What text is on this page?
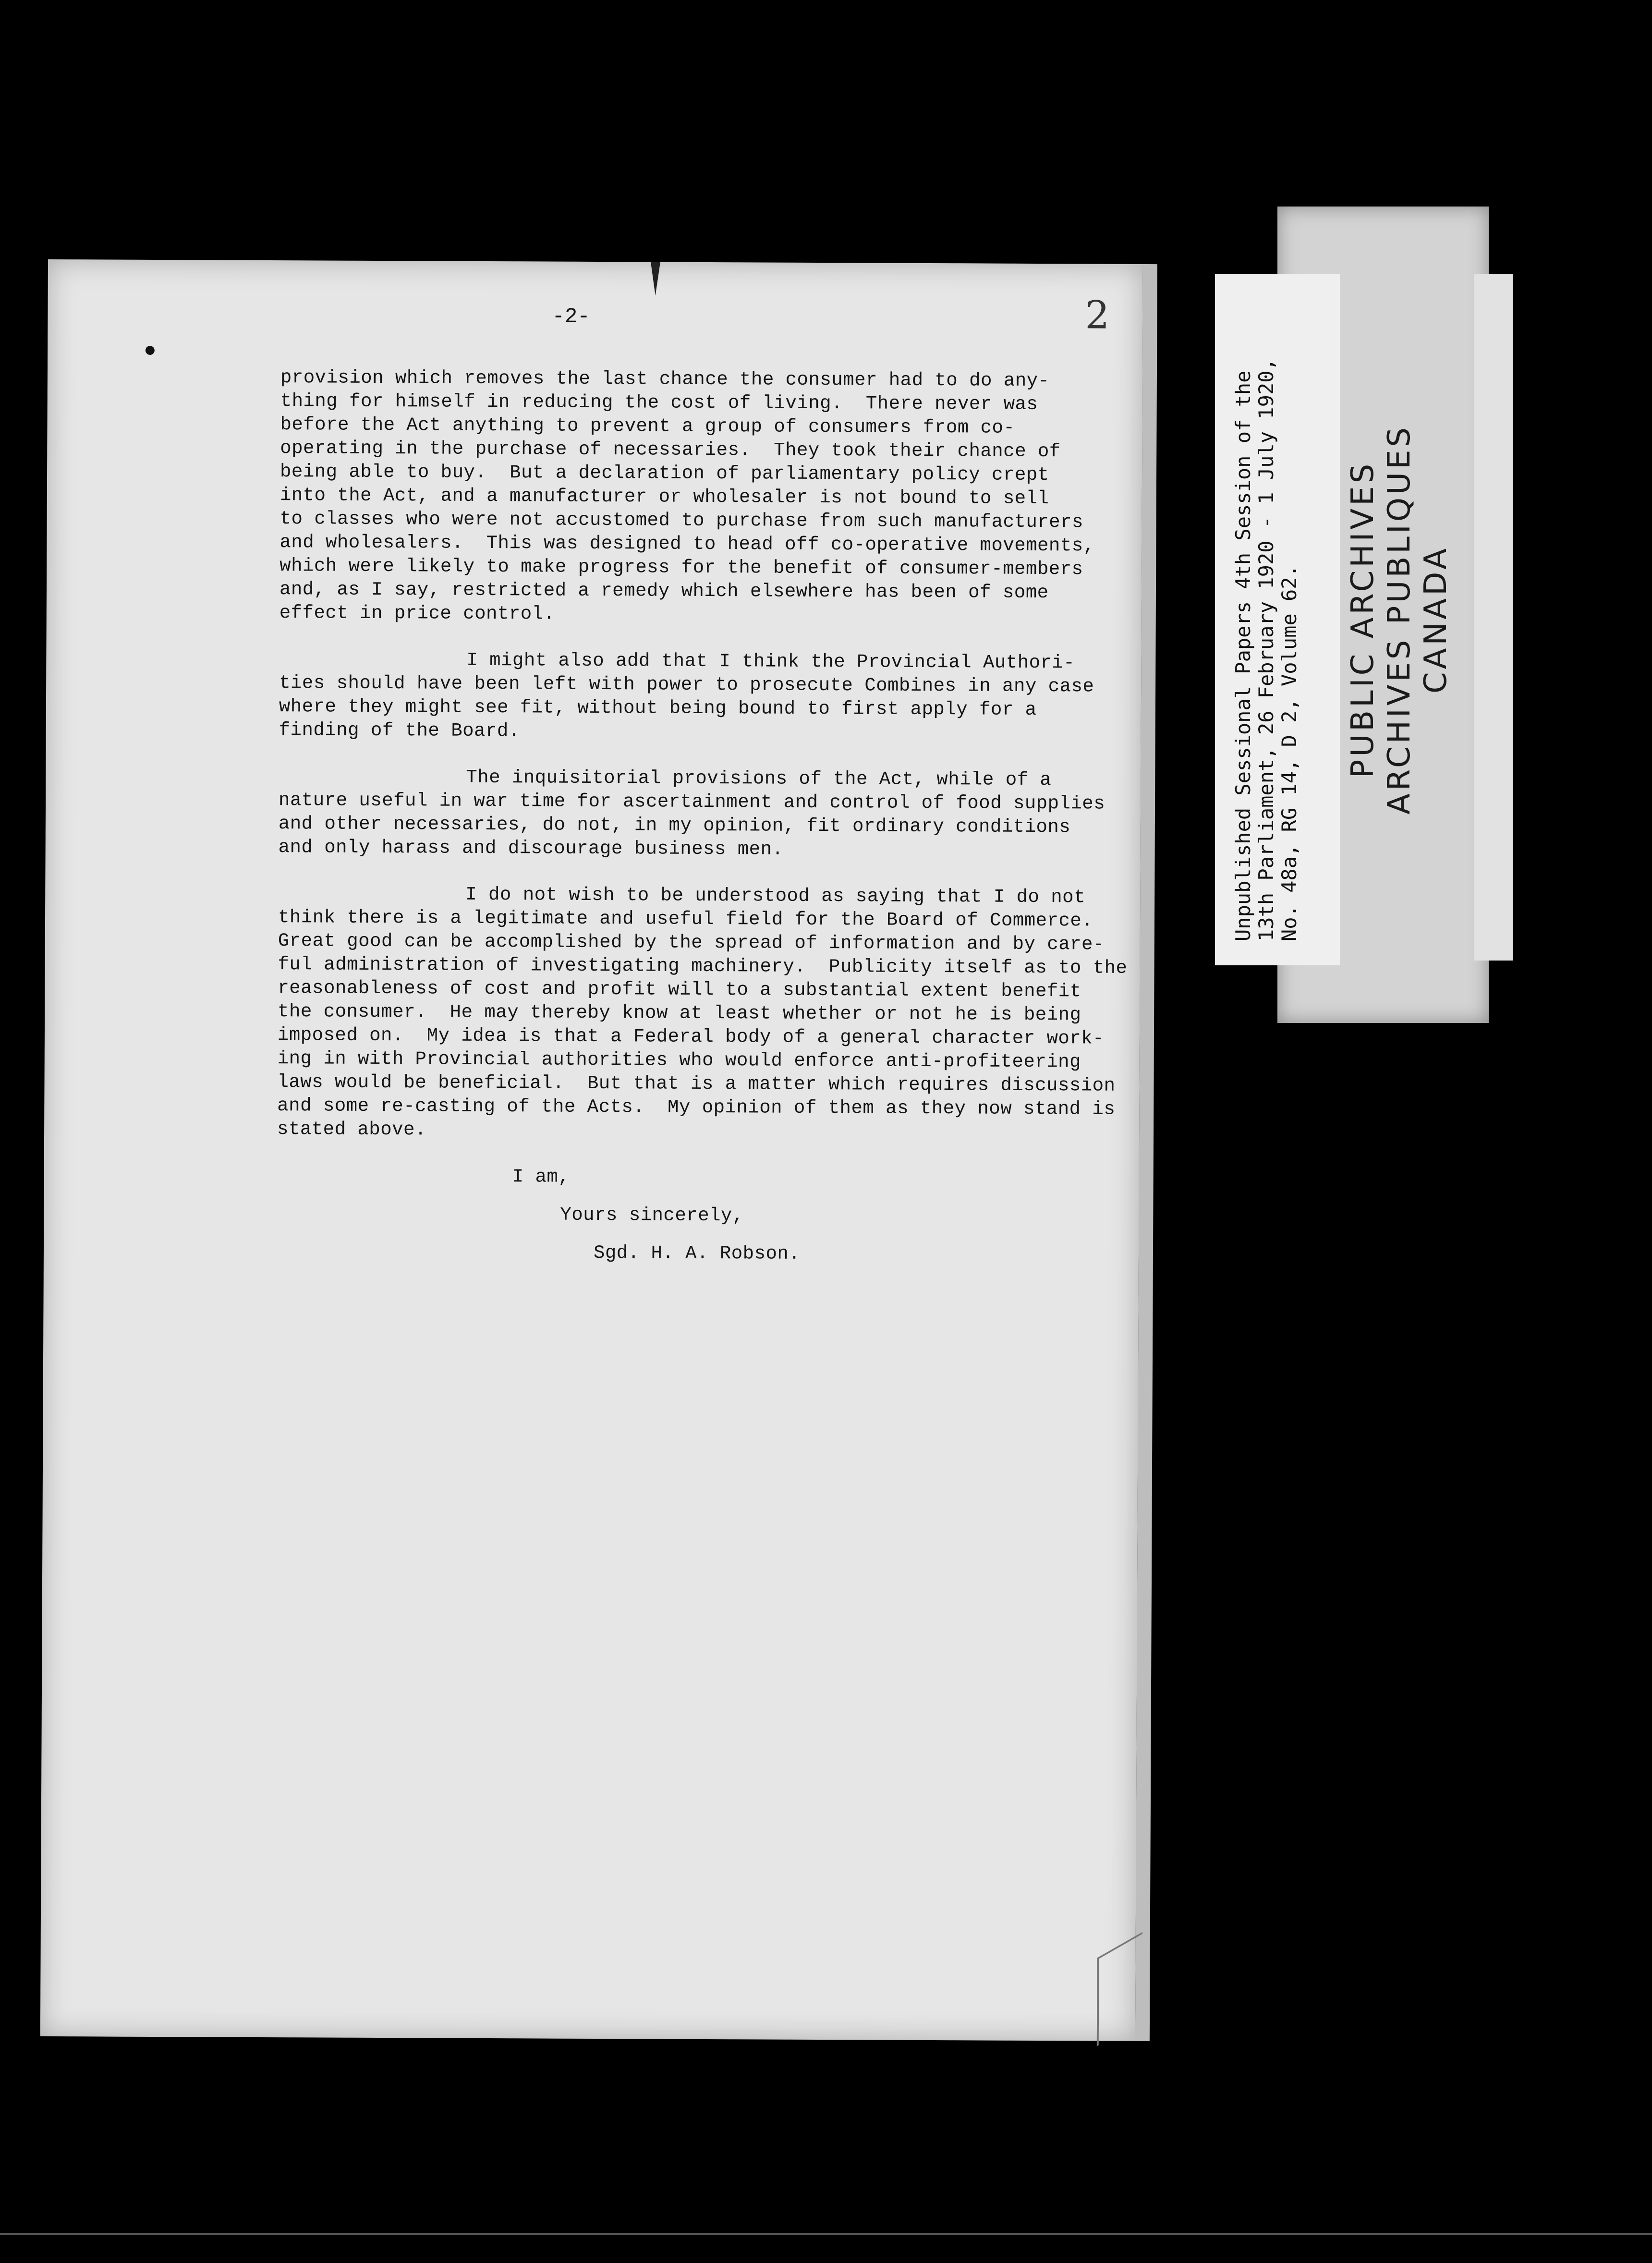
●
-2-	2
provision which removes the last chance the consumer had to do any-
thing for himself in reducing the cost of living.  There never was
before the Act anything to prevent a group of consumers from co-
operating in the purchase of necessaries.  They took their chance of
being able to buy.  But a declaration of parliamentary policy crept
into the Act, and a manufacturer or wholesaler is not bound to sell
to classes who were not accustomed to purchase from such manufacturers
and wholesalers.  This was designed to head off co-operative movements,
which were likely to make progress for the benefit of consumer-members
and, as I say, restricted a remedy which elsewhere has been of some
effect in price control.
I might also add that I think the Provincial Authori-
ties should have been left with power to prosecute Combines in any case
where they might see fit, without being bound to first apply for a
finding of the Board.
The inquisitorial provisions of the Act, while of a
nature useful in war time for ascertainment and control of food supplies
and other necessaries, do not, in my opinion, fit ordinary conditions
and only harass and discourage business men.
I do not wish to be understood as saying that I do not
think there is a legitimate and useful field for the Board of Commerce.
Great good can be accomplished by the spread of information and by care-
ful administration of investigating machinery.  Publicity itself as to the
reasonableness of cost and profit will to a substantial extent benefit
the consumer.  He may thereby know at least whether or not he is being
imposed on.  My idea is that a Federal body of a general character work-
ing in with Provincial authorities who would enforce anti-profiteering
laws would be beneficial.  But that is a matter which requires discussion
and some re-casting of the Acts.  My opinion of them as they now stand is
stated above.
I am,
Yours sincerely,
Sgd. H. A. Robson.
Unpublished Sessional Papers 4th Session of the 13th Parliament, 26 February 1920 - 1 July 1920, No. 48a, RG 14, D 2, Volume 62. PUBLIC ARCHIVES ARCHIVES PUBLIQUES CANADA
